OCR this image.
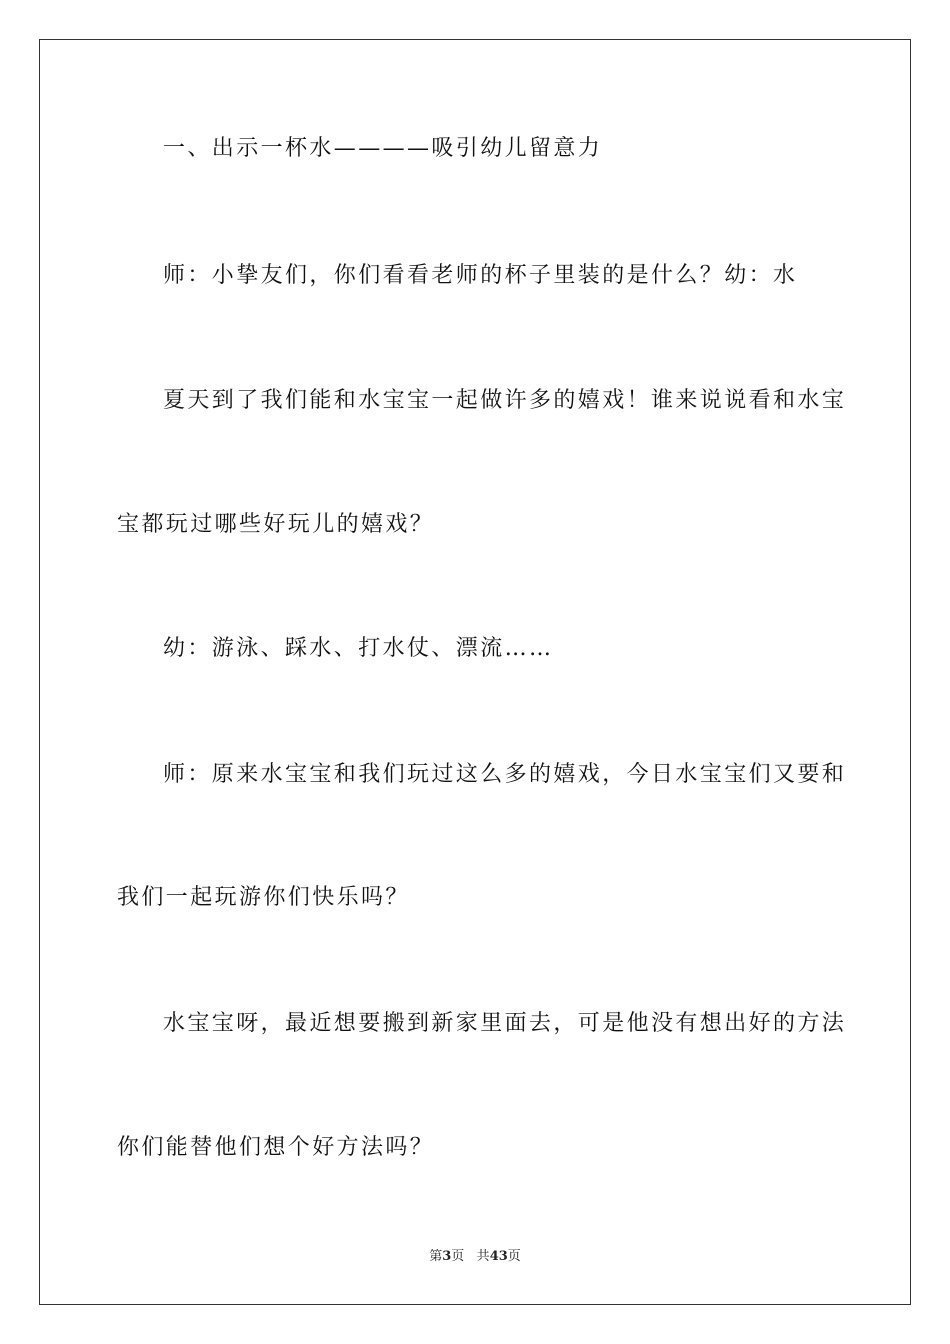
一、出示一杯水————吸引幼儿留意力
师：小挚友们，你们看看老师的杯子里装的是什么？幼：水
夏天到了我们能和水宝宝一起做许多的嬉戏！谁来说说看和水宝
宝都玩过哪些好玩儿的嬉戏？
幼：游泳、踩水、打水仗、漂流……
师：原来水宝宝和我们玩过这么多的嬉戏，今日水宝宝们又要和
我们一起玩游你们快乐吗？
水宝宝呀，最近想要搬到新家里面去，可是他没有想出好的方法
你们能替他们想个好方法吗？
第3页 共43页
